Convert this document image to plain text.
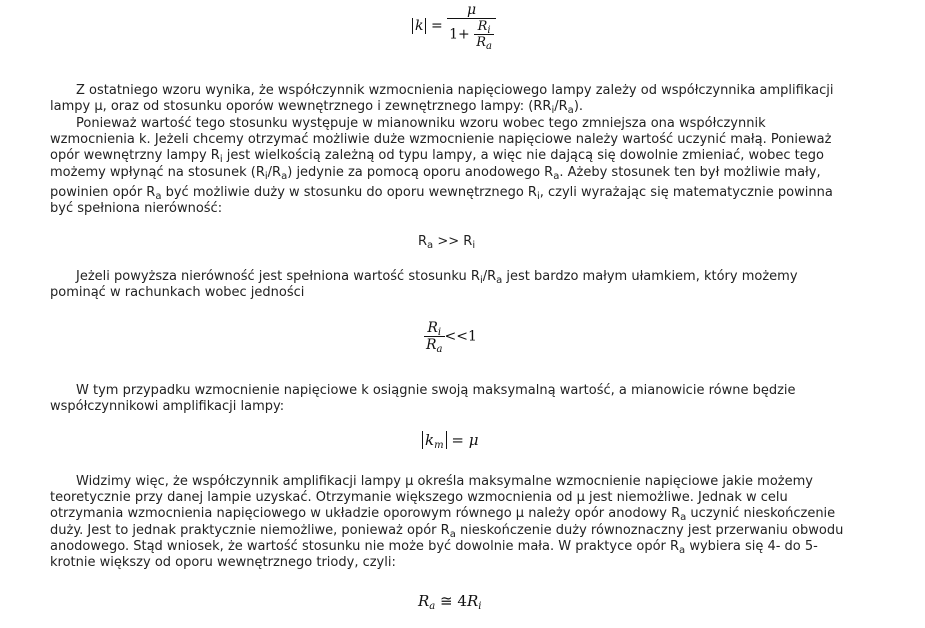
$k = \frac{\mu}{1+ \frac{R_i}{R_a}}$

Z ostatniego wzoru wynika, że współczynnik wzmocnienia napięciowego lampy zależy od współczynnika amplifikacji lampy μ, oraz od stosunku oporów wewnętrznego i zewnętrznego lampy: $(RR_i/R_a)$.

Ponieważ wartość tego stosunku występuje w mianowniku wzoru wobec tego zmniejsza ona współczynnik wzmocnienia k. Jeżeli chcemy otrzymać możliwie duże wzmocnienie napięciowe należy wartość uczynić małą. Ponieważ opór wewnętrzny lampy $R_i$ jest wielkością zależną od typu lampy, a więc nie dającą się dowolnie zmieniać, wobec tego możemy wpłynąć na stosunek $(R_i/R_a)$ jedynie za pomocą oporu anodowego $R_a$. Ażeby stosunek ten był możliwie mały, powinien opór $R_a$ być możliwie duży w stosunku do oporu wewnętrznego $R_i$, czyli wyrażając się matematycznie powinna być spełniona nierówność:

$R_a >> R_i$

Jeżeli powyższa nierówność jest spełniona wartość stosunku $R_i/R_a$ jest bardzo małym ułamkiem, który możemy pominąć w rachunkach wobec jedności

$\frac{R_i}{R_a} <<1$

W tym przypadku wzmocnienie napięciowe k osiągnie swoją maksymalną wartość, a mianowicie równe będzie współczynnikowi amplifikacji lampy:

$k_m = \mu$

Widzimy więc, że współczynnik amplifikacji lampy μ określa maksymalne wzmocnienie napięciowe jakie możemy teoretycznie przy danej lampie uzyskać. Otrzymanie większego wzmocnienia od μ jest niemożliwe. Jednak w celu otrzymania wzmocnienia napięciowego w układzie oporowym równego μ należy opór anodowy $R_a$ uczynić nieskończenie duży. Jest to jednak praktycznie niemożliwe, ponieważ opór $R_a$ nieskończenie duży równoznaczny jest przerwaniu obwodu anodowego. Stąd wniosek, że wartość stosunku nie może być dowolnie mała. W praktyce opór $R_a$ wybiera się 4- do 5-krotnie większy od oporu wewnętrznego triody, czyli:

$R_a$ ≅ $4R_i$
